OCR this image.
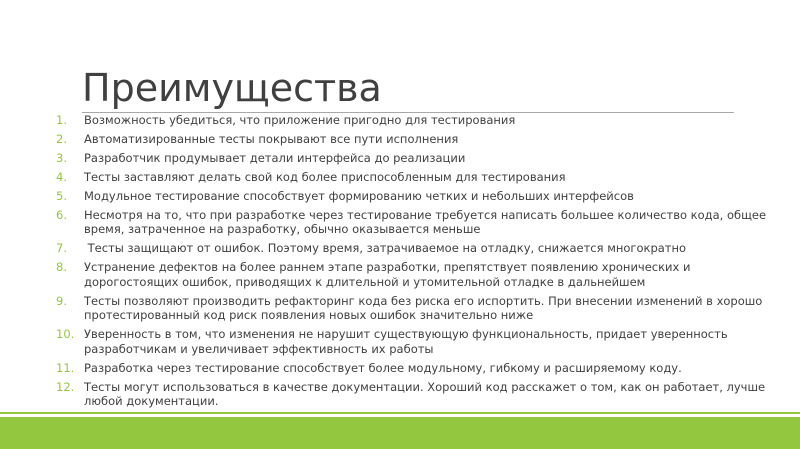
Преимущества
1.	Возможность убедиться, что приложение пригодно для тестирования
2.	Автоматизированные тесты покрывают все пути исполнения
3.	Разработчик продумывает детали интерфейса до реализации
4.	Тесты заставляют делать свой код более приспособленным для тестирования
5.	Модульное тестирование способствует формированию четких и небольших интерфейсов
6.	Несмотря на то, что при разработке через тестирование требуется написать большее количество кода, общее время, затраченное на разработку, обычно оказывается меньше
7.	Тесты защищают от ошибок. Поэтому время, затрачиваемое на отладку, снижается многократно
8.	Устранение дефектов на более раннем этапе разработки, препятствует появлению хронических и дорогостоящих ошибок, приводящих к длительной и утомительной отладке в дальнейшем
9.	Тесты позволяют производить рефакторинг кода без риска его испортить. При внесении изменений в хорошо протестированный код риск появления новых ошибок значительно ниже
10. Уверенность в том, что изменения не нарушит существующую функциональность, придает уверенность разработчикам и увеличивает эффективность их работы
11. Разработка через тестирование способствует более модульному, гибкому и расширяемому коду.
12. Тесты могут использоваться в качестве документации. Хороший код расскажет о том, как он работает, лучше любой документации.
